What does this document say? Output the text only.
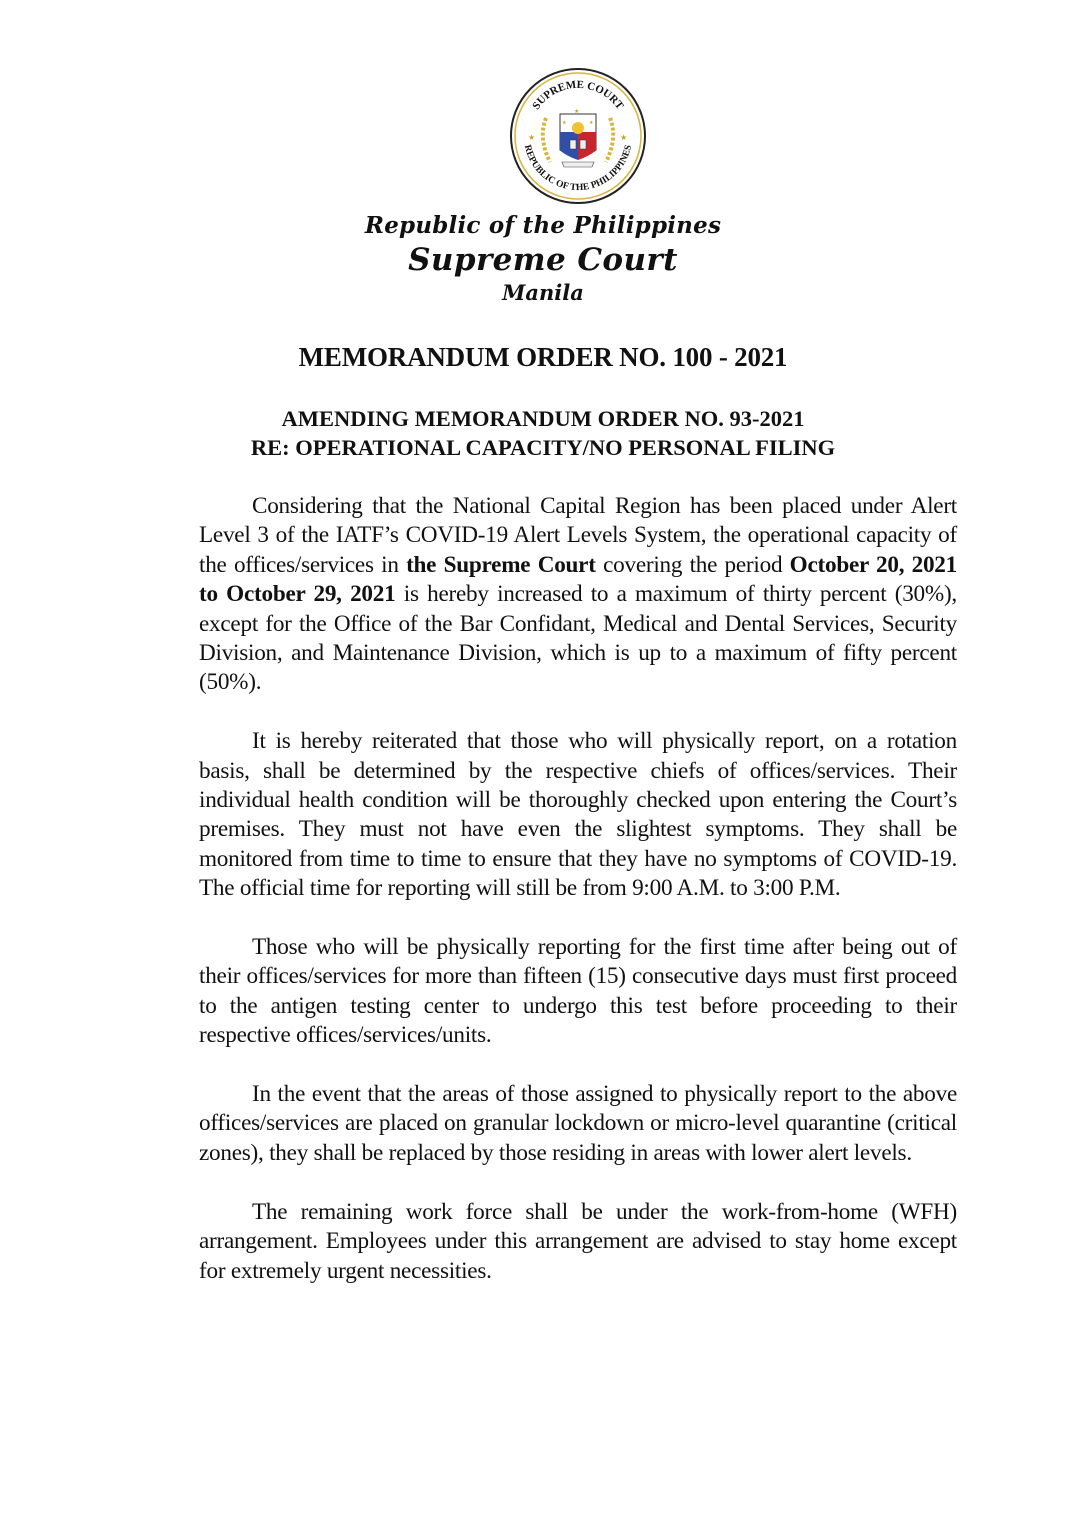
SUPREME COURT
REPUBLIC OF THE PHILIPPINES
★	★
★
★	★
Republic of the Philippines
Supreme Court
Manila
MEMORANDUM ORDER NO. 100 - 2021
AMENDING MEMORANDUM ORDER NO. 93-2021
RE: OPERATIONAL CAPACITY/NO PERSONAL FILING

Considering that the National Capital Region has been placed under Alert Level 3 of the IATF’s COVID-19 Alert Levels System, the operational capacity of the offices/services in the Supreme Court covering the period October 20, 2021 to October 29, 2021 is hereby increased to a maximum of thirty percent (30%), except for the Office of the Bar Confidant, Medical and Dental Services, Security Division, and Maintenance Division, which is up to a maximum of fifty percent (50%).

It is hereby reiterated that those who will physically report, on a rotation basis, shall be determined by the respective chiefs of offices/services. Their individual health condition will be thoroughly checked upon entering the Court’s premises. They must not have even the slightest symptoms. They shall be monitored from time to time to ensure that they have no symptoms of COVID-19. The official time for reporting will still be from 9:00 A.M. to 3:00 P.M.

Those who will be physically reporting for the first time after being out of their offices/services for more than fifteen (15) consecutive days must first proceed to the antigen testing center to undergo this test before proceeding to their respective offices/services/units.

In the event that the areas of those assigned to physically report to the above offices/services are placed on granular lockdown or micro-level quarantine (critical zones), they shall be replaced by those residing in areas with lower alert levels.

The remaining work force shall be under the work-from-home (WFH) arrangement. Employees under this arrangement are advised to stay home except for extremely urgent necessities.
